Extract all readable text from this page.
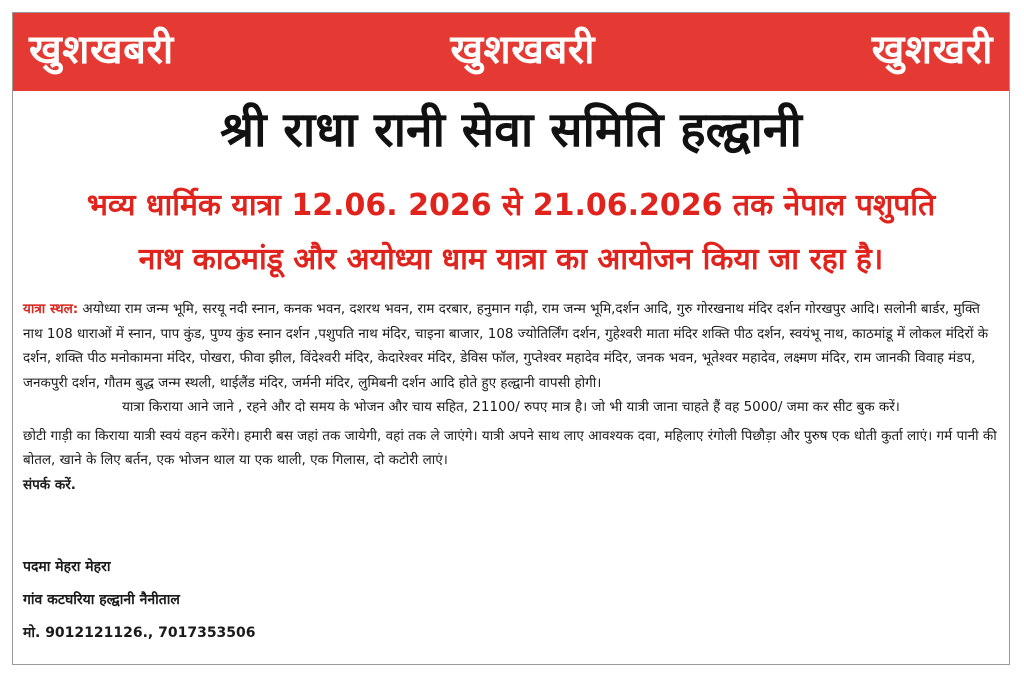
खुशखबरी	खुशखबरी	खुशखरी
श्री राधा रानी सेवा समिति हल्द्वानी
भव्य धार्मिक यात्रा 12.06. 2026 से 21.06.2026 तक नेपाल पशुपति
नाथ काठमांडू और अयोध्या धाम यात्रा का आयोजन किया जा रहा है।

यात्रा स्थल: अयोध्या राम जन्म भूमि, सरयू नदी स्नान, कनक भवन, दशरथ भवन, राम दरबार, हनुमान गढ़ी, राम जन्म भूमि,दर्शन आदि, गुरु गोरखनाथ मंदिर दर्शन गोरखपुर आदि। सलोनी बार्डर, मुक्ति नाथ 108 धाराओं में स्नान, पाप कुंड, पुण्य कुंड स्नान दर्शन ,पशुपति नाथ मंदिर, चाइना बाजार, 108 ज्योतिर्लिंग दर्शन, गुहेश्वरी माता मंदिर शक्ति पीठ दर्शन, स्वयंभू नाथ, काठमांडू में लोकल मंदिरों के दर्शन, शक्ति पीठ मनोकामना मंदिर, पोखरा, फीवा झील, विंदेश्वरी मंदिर, केदारेश्वर मंदिर, डेविस फॉल, गुप्तेश्वर महादेव मंदिर, जनक भवन, भूतेश्वर महादेव, लक्ष्मण मंदिर, राम जानकी विवाह मंडप, जनकपुरी दर्शन, गौतम बुद्ध जन्म स्थली, थाईलैंड मंदिर, जर्मनी मंदिर, लुमिबनी दर्शन आदि होते हुए हल्द्वानी वापसी होगी।

यात्रा किराया आने जाने , रहने और दो समय के भोजन और चाय सहित, 21100/ रुपए मात्र है। जो भी यात्री जाना चाहते हैं वह 5000/ जमा कर सीट बुक करें।

छोटी गाड़ी का किराया यात्री स्वयं वहन करेंगे। हमारी बस जहां तक जायेगी, वहां तक ले जाएंगे। यात्री अपने साथ लाए आवश्यक दवा, महिलाए रंगोली पिछौड़ा और पुरुष एक धोती कुर्ता लाएं। गर्म पानी की बोतल, खाने के लिए बर्तन, एक भोजन थाल या एक थाली, एक गिलास, दो कटोरी लाएं।

संपर्क करें.

पदमा मेहरा मेहरा
गांव कटघरिया हल्द्वानी नैनीताल
मो. 9012121126., 7017353506
